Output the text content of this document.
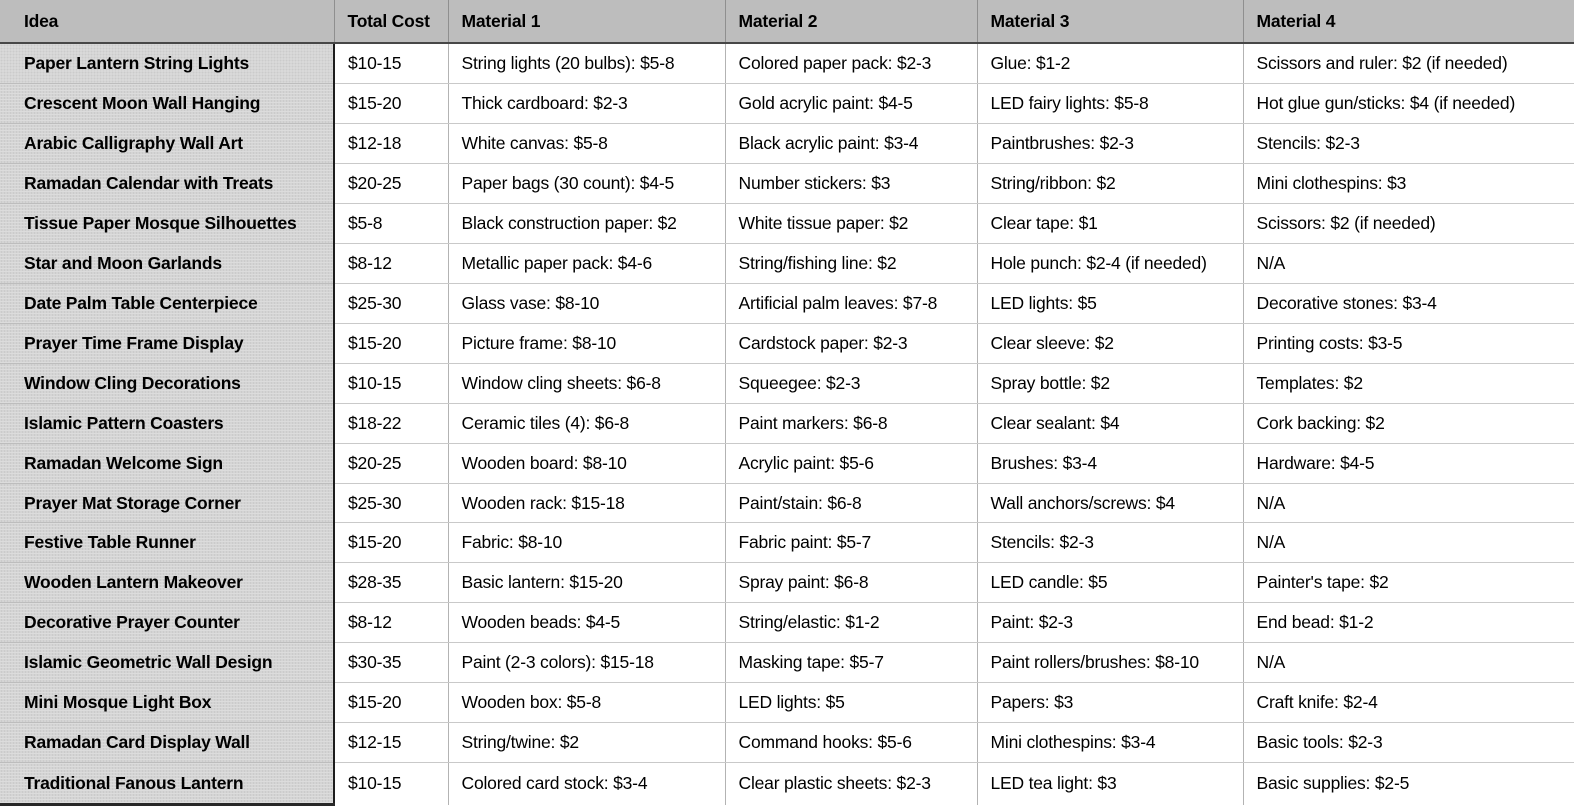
Idea	Total Cost	Material 1	Material 2	Material 3	Material 4
Paper Lantern String Lights	$10-15	String lights (20 bulbs): $5-8	Colored paper pack: $2-3	Glue: $1-2	Scissors and ruler: $2 (if needed)
Crescent Moon Wall Hanging	$15-20	Thick cardboard: $2-3	Gold acrylic paint: $4-5	LED fairy lights: $5-8	Hot glue gun/sticks: $4 (if needed)
Arabic Calligraphy Wall Art	$12-18	White canvas: $5-8	Black acrylic paint: $3-4	Paintbrushes: $2-3	Stencils: $2-3
Ramadan Calendar with Treats	$20-25	Paper bags (30 count): $4-5	Number stickers: $3	String/ribbon: $2	Mini clothespins: $3
Tissue Paper Mosque Silhouettes	$5-8	Black construction paper: $2	White tissue paper: $2	Clear tape: $1	Scissors: $2 (if needed)
Star and Moon Garlands	$8-12	Metallic paper pack: $4-6	String/fishing line: $2	Hole punch: $2-4 (if needed)	N/A
Date Palm Table Centerpiece	$25-30	Glass vase: $8-10	Artificial palm leaves: $7-8	LED lights: $5	Decorative stones: $3-4
Prayer Time Frame Display	$15-20	Picture frame: $8-10	Cardstock paper: $2-3	Clear sleeve: $2	Printing costs: $3-5
Window Cling Decorations	$10-15	Window cling sheets: $6-8	Squeegee: $2-3	Spray bottle: $2	Templates: $2
Islamic Pattern Coasters	$18-22	Ceramic tiles (4): $6-8	Paint markers: $6-8	Clear sealant: $4	Cork backing: $2
Ramadan Welcome Sign	$20-25	Wooden board: $8-10	Acrylic paint: $5-6	Brushes: $3-4	Hardware: $4-5
Prayer Mat Storage Corner	$25-30	Wooden rack: $15-18	Paint/stain: $6-8	Wall anchors/screws: $4	N/A
Festive Table Runner	$15-20	Fabric: $8-10	Fabric paint: $5-7	Stencils: $2-3	N/A
Wooden Lantern Makeover	$28-35	Basic lantern: $15-20	Spray paint: $6-8	LED candle: $5	Painter's tape: $2
Decorative Prayer Counter	$8-12	Wooden beads: $4-5	String/elastic: $1-2	Paint: $2-3	End bead: $1-2
Islamic Geometric Wall Design	$30-35	Paint (2-3 colors): $15-18	Masking tape: $5-7	Paint rollers/brushes: $8-10	N/A
Mini Mosque Light Box	$15-20	Wooden box: $5-8	LED lights: $5	Papers: $3	Craft knife: $2-4
Ramadan Card Display Wall	$12-15	String/twine: $2	Command hooks: $5-6	Mini clothespins: $3-4	Basic tools: $2-3
Traditional Fanous Lantern	$10-15	Colored card stock: $3-4	Clear plastic sheets: $2-3	LED tea light: $3	Basic supplies: $2-5
